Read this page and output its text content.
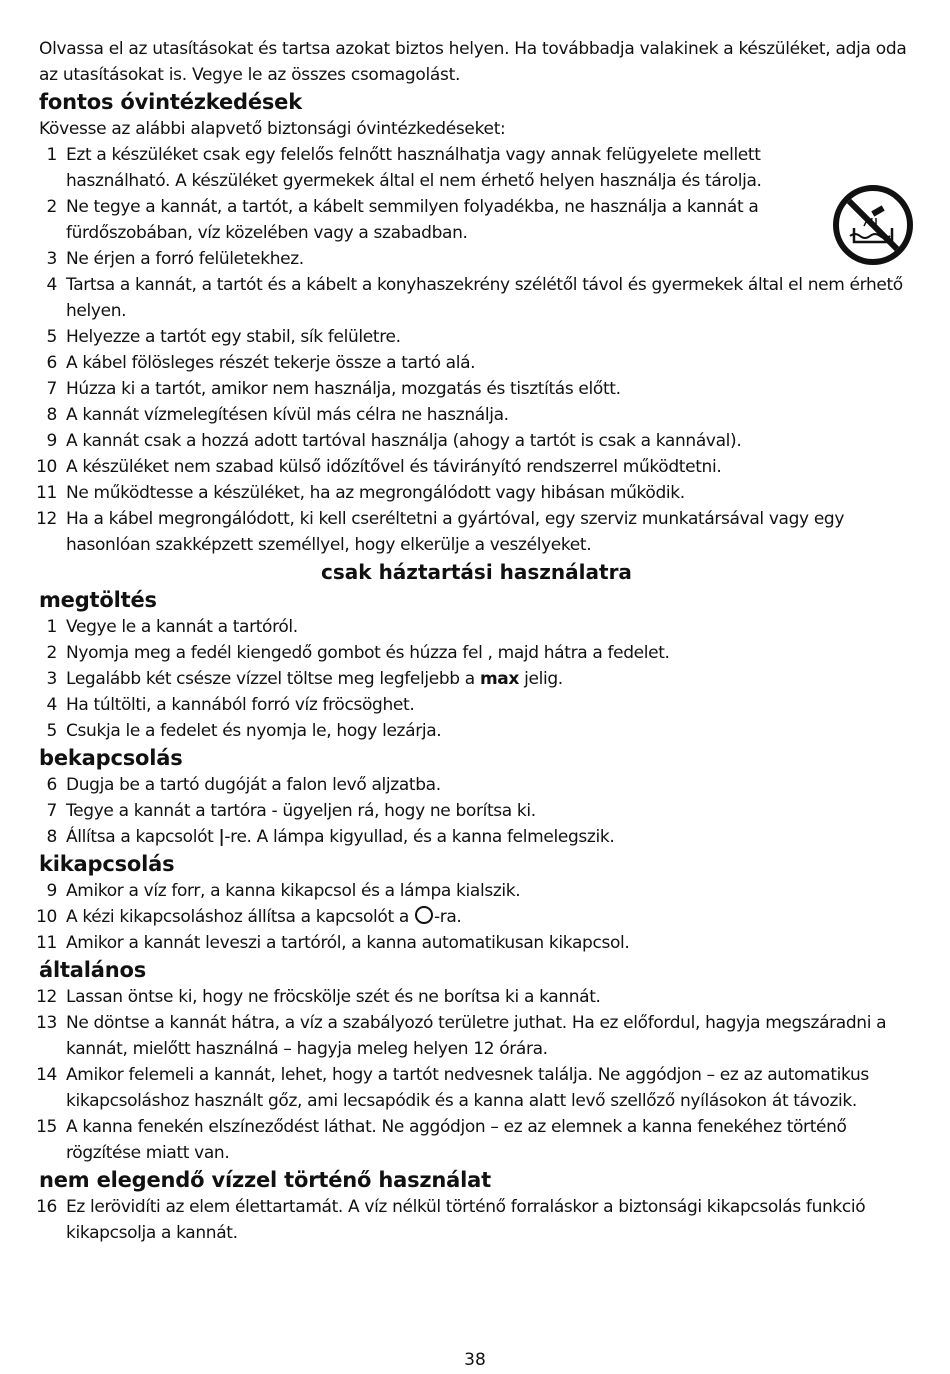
Olvassa el az utasításokat és tartsa azokat biztos helyen. Ha továbbadja valakinek a készüléket, adja oda az utasításokat is. Vegye le az összes csomagolást.

fontos óvintézkedések

Kövesse az alábbi alapvető biztonsági óvintézkedéseket:

1 Ezt a készüléket csak egy felelős felnőtt használhatja vagy annak felügyelete mellett használható. A készüléket gyermekek által el nem érhető helyen használja és tárolja.
2 Ne tegye a kannát, a tartót, a kábelt semmilyen folyadékba, ne használja a kannát a fürdőszobában, víz közelében vagy a szabadban.
3 Ne érjen a forró felületekhez.
4 Tartsa a kannát, a tartót és a kábelt a konyhaszekrény szélétől távol és gyermekek által el nem érhető helyen.
5 Helyezze a tartót egy stabil, sík felületre.
6 A kábel fölösleges részét tekerje össze a tartó alá.
7 Húzza ki a tartót, amikor nem használja, mozgatás és tisztítás előtt.
8 A kannát vízmelegítésen kívül más célra ne használja.
9 A kannát csak a hozzá adott tartóval használja (ahogy a tartót is csak a kannával).
10 A készüléket nem szabad külső időzítővel és távirányító rendszerrel működtetni.
11 Ne működtesse a készüléket, ha az megrongálódott vagy hibásan működik.
12 Ha a kábel megrongálódott, ki kell cseréltetni a gyártóval, egy szerviz munkatársával vagy egy hasonlóan szakképzett személlyel, hogy elkerülje a veszélyeket.

csak háztartási használatra

megtöltés
1 Vegye le a kannát a tartóról.
2 Nyomja meg a fedél kiengedő gombot és húzza fel , majd hátra a fedelet.
3 Legalább két csésze vízzel töltse meg legfeljebb a max jelig.
4 Ha túltölti, a kannából forró víz fröcsöghet.
5 Csukja le a fedelet és nyomja le, hogy lezárja.
bekapcsolás
6 Dugja be a tartó dugóját a falon levő aljzatba.
7 Tegye a kannát a tartóra - ügyeljen rá, hogy ne borítsa ki.
8 Állítsa a kapcsolót |-re. A lámpa kigyullad, és a kanna felmelegszik.
kikapcsolás
9 Amikor a víz forr, a kanna kikapcsol és a lámpa kialszik.
10 A kézi kikapcsoláshoz állítsa a kapcsolót a -ra.
11 Amikor a kannát leveszi a tartóról, a kanna automatikusan kikapcsol.
általános
12 Lassan öntse ki, hogy ne fröcskölje szét és ne borítsa ki a kannát.
13 Ne döntse a kannát hátra, a víz a szabályozó területre juthat. Ha ez előfordul, hagyja megszáradni a kannát, mielőtt használná – hagyja meleg helyen 12 órára.
14 Amikor felemeli a kannát, lehet, hogy a tartót nedvesnek találja. Ne aggódjon – ez az automatikus kikapcsoláshoz használt gőz, ami lecsapódik és a kanna alatt levő szellőző nyílásokon át távozik.
15 A kanna fenekén elszíneződést láthat. Ne aggódjon – ez az elemnek a kanna fenekéhez történő rögzítése miatt van.
nem elegendő vízzel történő használat
16 Ez lerövidíti az elem élettartamát. A víz nélkül történő forraláskor a biztonsági kikapcsolás funkció kikapcsolja a kannát.
38
